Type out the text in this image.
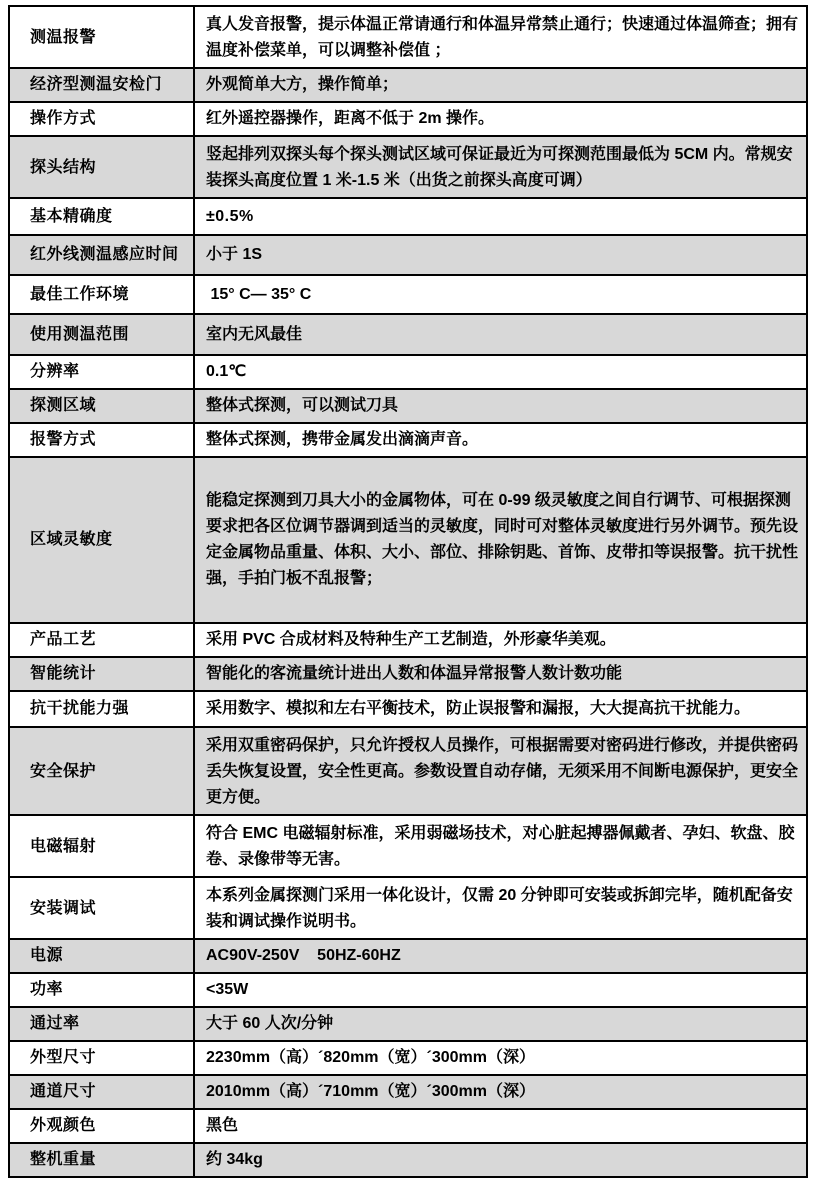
测温报警	真人发音报警，提示体温正常请通行和体温异常禁止通行；快速通过体温筛查；拥有温度补偿菜单，可以调整补偿值 ；
经济型测温安检门	外观简单大方，操作简单；
操作方式	红外遥控器操作，距离不低于 2m 操作。
探头结构	竖起排列双探头每个探头测试区域可保证最近为可探测范围最低为 5CM 内。常规安装探头高度位置 1 米-1.5 米（出货之前探头高度可调）
基本精确度	±0.5%
红外线测温感应时间	小于 1S
最佳工作环境	15° C— 35° C
使用测温范围	室内无风最佳
分辨率	0.1℃
探测区域	整体式探测，可以测试刀具
报警方式	整体式探测，携带金属发出滴滴声音。
区域灵敏度	能稳定探测到刀具大小的金属物体，可在 0-99 级灵敏度之间自行调节、可根据探测要求把各区位调节器调到适当的灵敏度，同时可对整体灵敏度进行另外调节。预先设定金属物品重量、体积、大小、部位、排除钥匙、首饰、皮带扣等误报警。抗干扰性强，手拍门板不乱报警；
产品工艺	采用 PVC 合成材料及特种生产工艺制造，外形豪华美观。
智能统计	智能化的客流量统计进出人数和体温异常报警人数计数功能
抗干扰能力强	采用数字、模拟和左右平衡技术，防止误报警和漏报，大大提高抗干扰能力。
安全保护	采用双重密码保护，只允许授权人员操作，可根据需要对密码进行修改，并提供密码丢失恢复设置，安全性更高。参数设置自动存储，无须采用不间断电源保护，更安全更方便。
电磁辐射	符合 EMC 电磁辐射标准，采用弱磁场技术，对心脏起搏器佩戴者、孕妇、软盘、胶卷、录像带等无害。
安装调试	本系列金属探测门采用一体化设计，仅需 20 分钟即可安装或拆卸完毕，随机配备安装和调试操作说明书。
电源	AC90V-250V    50HZ-60HZ
功率	<35W
通过率	大于 60 人次/分钟
外型尺寸	2230mm（高）´820mm（宽）´300mm（深）
通道尺寸	2010mm（高）´710mm（宽）´300mm（深）
外观颜色	黑色
整机重量	约 34kg
